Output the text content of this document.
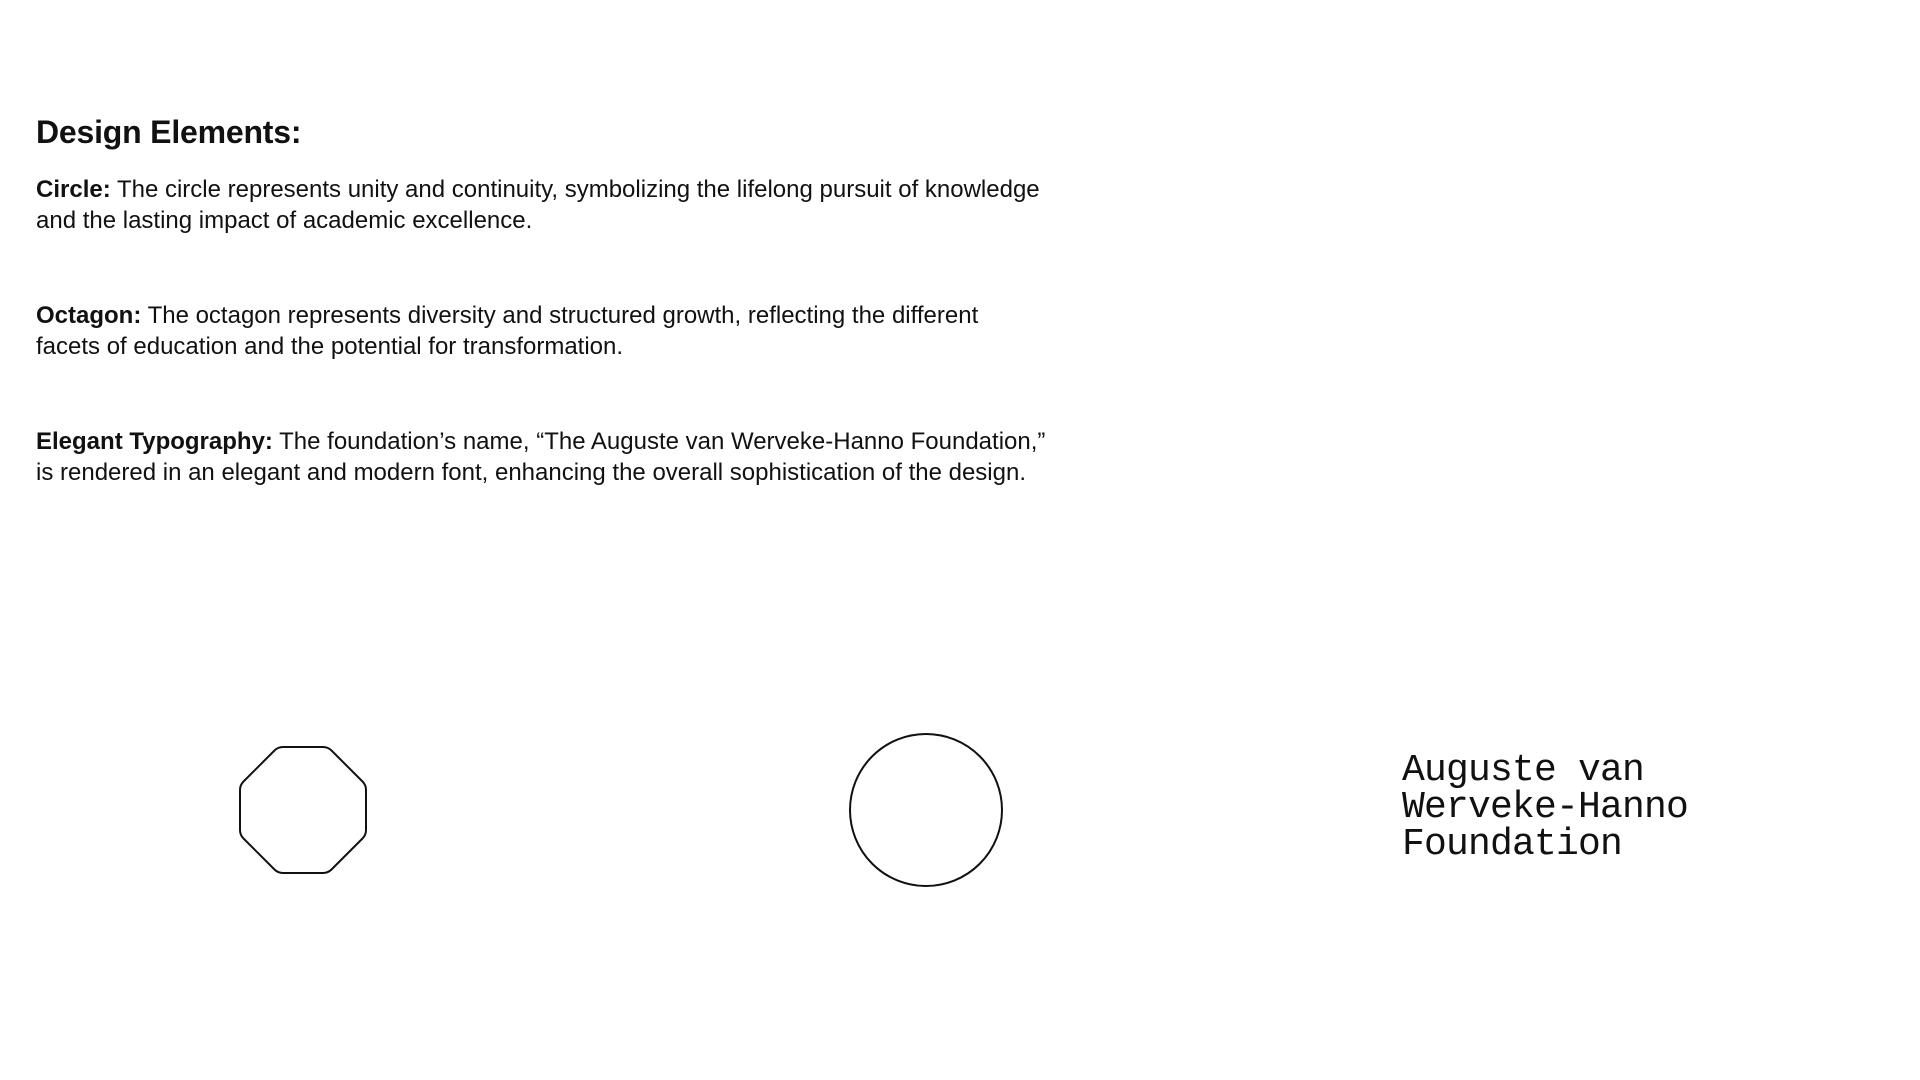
Design Elements:

Circle: The circle represents unity and continuity, symbolizing the lifelong pursuit of knowledge and the lasting impact of academic excellence.

Octagon: The octagon represents diversity and structured growth, reflecting the different facets of education and the potential for transformation.

Elegant Typography: The foundation’s name, “The Auguste van Werveke-Hanno Foundation,” is rendered in an elegant and modern font, enhancing the overall sophistication of the design.

Auguste van
Werveke-Hanno
Foundation
